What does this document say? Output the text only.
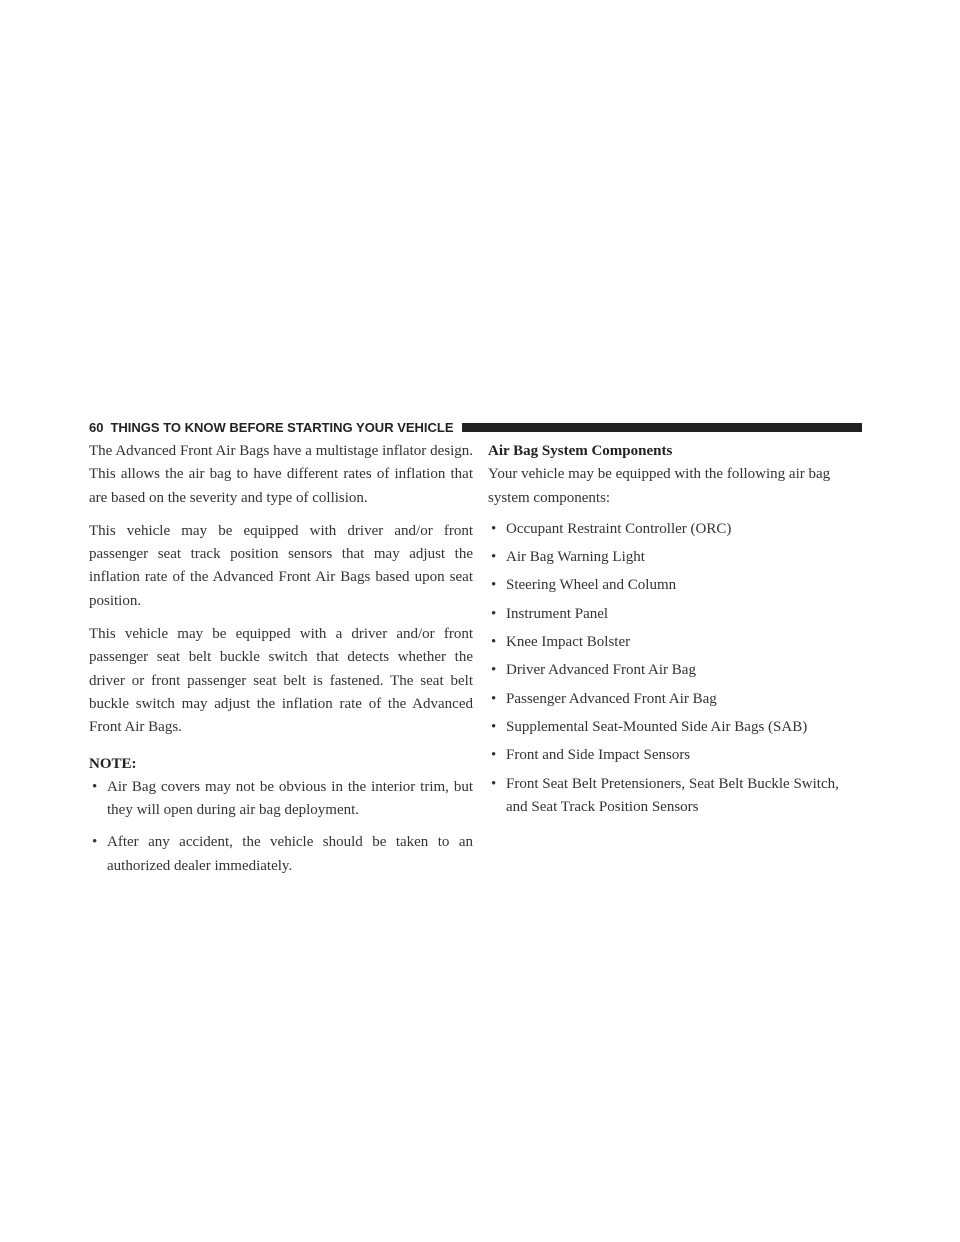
60 THINGS TO KNOW BEFORE STARTING YOUR VEHICLE

The Advanced Front Air Bags have a multistage inflator design. This allows the air bag to have different rates of inflation that are based on the severity and type of collision.

This vehicle may be equipped with driver and/or front passenger seat track position sensors that may adjust the inflation rate of the Advanced Front Air Bags based upon seat position.

This vehicle may be equipped with a driver and/or front passenger seat belt buckle switch that detects whether the driver or front passenger seat belt is fastened. The seat belt buckle switch may adjust the inflation rate of the Advanced Front Air Bags.

NOTE:
• Air Bag covers may not be obvious in the interior trim, but they will open during air bag deployment.
• After any accident, the vehicle should be taken to an authorized dealer immediately.
Air Bag System Components

Your vehicle may be equipped with the following air bag system components:

• Occupant Restraint Controller (ORC)
• Air Bag Warning Light
• Steering Wheel and Column
• Instrument Panel
• Knee Impact Bolster
• Driver Advanced Front Air Bag
• Passenger Advanced Front Air Bag
• Supplemental Seat-Mounted Side Air Bags (SAB)
• Front and Side Impact Sensors
• Front Seat Belt Pretensioners, Seat Belt Buckle Switch, and Seat Track Position Sensors
